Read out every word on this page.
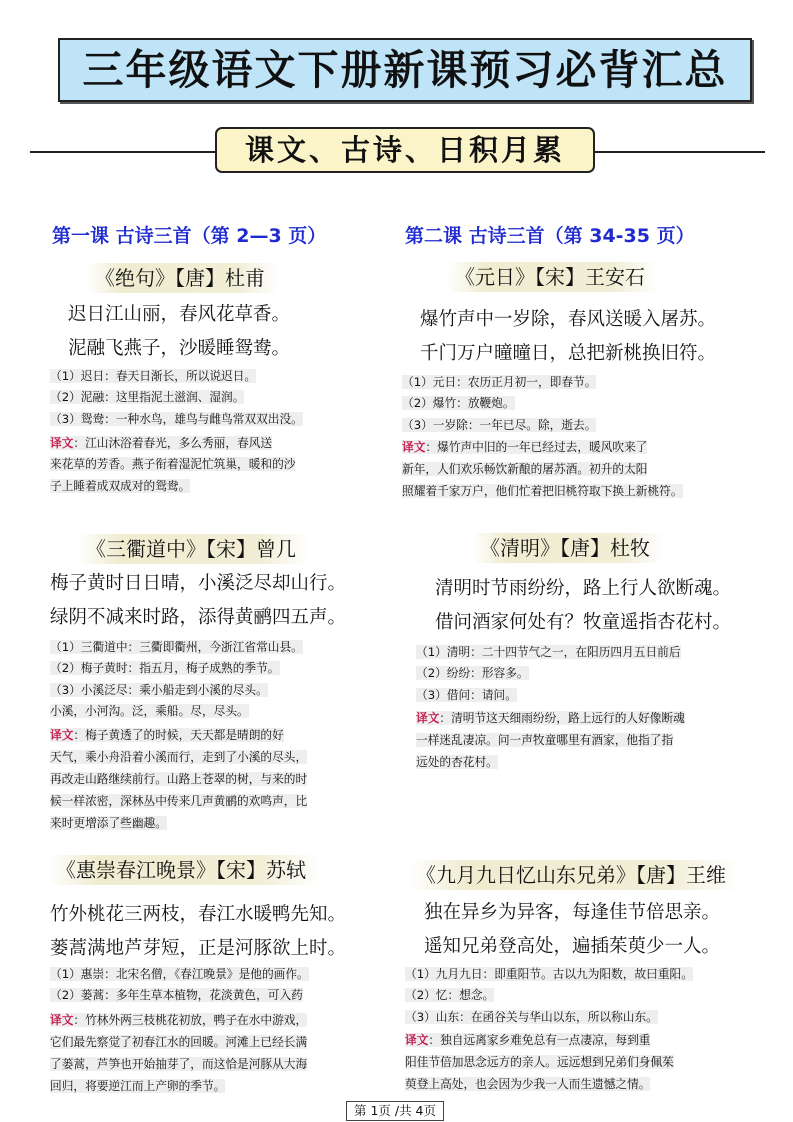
三年级语文下册新课预习必背汇总
课文、古诗、日积月累
第一课 古诗三首（第 2—3 页）	第二课 古诗三首（第 34-35 页）
《绝句》【唐】杜甫
迟日江山丽，春风花草香。
泥融飞燕子，沙暖睡鸳鸯。
（1）迟日：春天日渐长，所以说迟日。
（2）泥融：这里指泥土滋润、湿润。
（3）鸳鸯：一种水鸟，雄鸟与雌鸟常双双出没。
译文：江山沐浴着春光，多么秀丽，春风送
来花草的芳香。燕子衔着湿泥忙筑巢，暖和的沙
子上睡着成双成对的鸳鸯。
《元日》【宋】王安石
爆竹声中一岁除，春风送暖入屠苏。
千门万户曈曈日，总把新桃换旧符。
（1）元日：农历正月初一，即春节。
（2）爆竹：放鞭炮。
（3）一岁除：一年已尽。除，逝去。
译文：爆竹声中旧的一年已经过去，暖风吹来了
新年，人们欢乐畅饮新酿的屠苏酒。初升的太阳
照耀着千家万户，他们忙着把旧桃符取下换上新桃符。
《三衢道中》【宋】曾几
梅子黄时日日晴，小溪泛尽却山行。
绿阴不减来时路，添得黄鹂四五声。
（1）三衢道中：三衢即衢州，今浙江省常山县。
（2）梅子黄时：指五月，梅子成熟的季节。
（3）小溪泛尽：乘小船走到小溪的尽头。
小溪，小河沟。泛，乘船。尽，尽头。
译文：梅子黄透了的时候，天天都是晴朗的好
天气，乘小舟沿着小溪而行，走到了小溪的尽头，
再改走山路继续前行。山路上苍翠的树，与来的时
候一样浓密，深林丛中传来几声黄鹂的欢鸣声，比
来时更增添了些幽趣。
《清明》【唐】杜牧
清明时节雨纷纷，路上行人欲断魂。
借问酒家何处有？牧童遥指杏花村。
（1）清明：二十四节气之一，在阳历四月五日前后
（2）纷纷：形容多。
（3）借问：请问。
译文：清明节这天细雨纷纷，路上远行的人好像断魂
一样迷乱凄凉。问一声牧童哪里有酒家，他指了指
远处的杏花村。
《惠崇春江晚景》【宋】苏轼
竹外桃花三两枝，春江水暖鸭先知。
蒌蒿满地芦芽短，正是河豚欲上时。
（1）惠崇：北宋名僧，《春江晚景》是他的画作。
（2）蒌蒿：多年生草本植物，花淡黄色，可入药
译文：竹林外两三枝桃花初放，鸭子在水中游戏，
它们最先察觉了初春江水的回暖。河滩上已经长满
了蒌蒿，芦笋也开始抽芽了，而这恰是河豚从大海
回归，将要逆江而上产卵的季节。
《九月九日忆山东兄弟》【唐】王维
独在异乡为异客，每逢佳节倍思亲。
遥知兄弟登高处，遍插茱萸少一人。
（1）九月九日：即重阳节。古以九为阳数，故曰重阳。
（2）忆：想念。
（3）山东：在函谷关与华山以东，所以称山东。
译文：独自远离家乡难免总有一点凄凉，每到重
阳佳节倍加思念远方的亲人。远远想到兄弟们身佩茱
萸登上高处，也会因为少我一人而生遗憾之情。
第 1页 /共 4页
